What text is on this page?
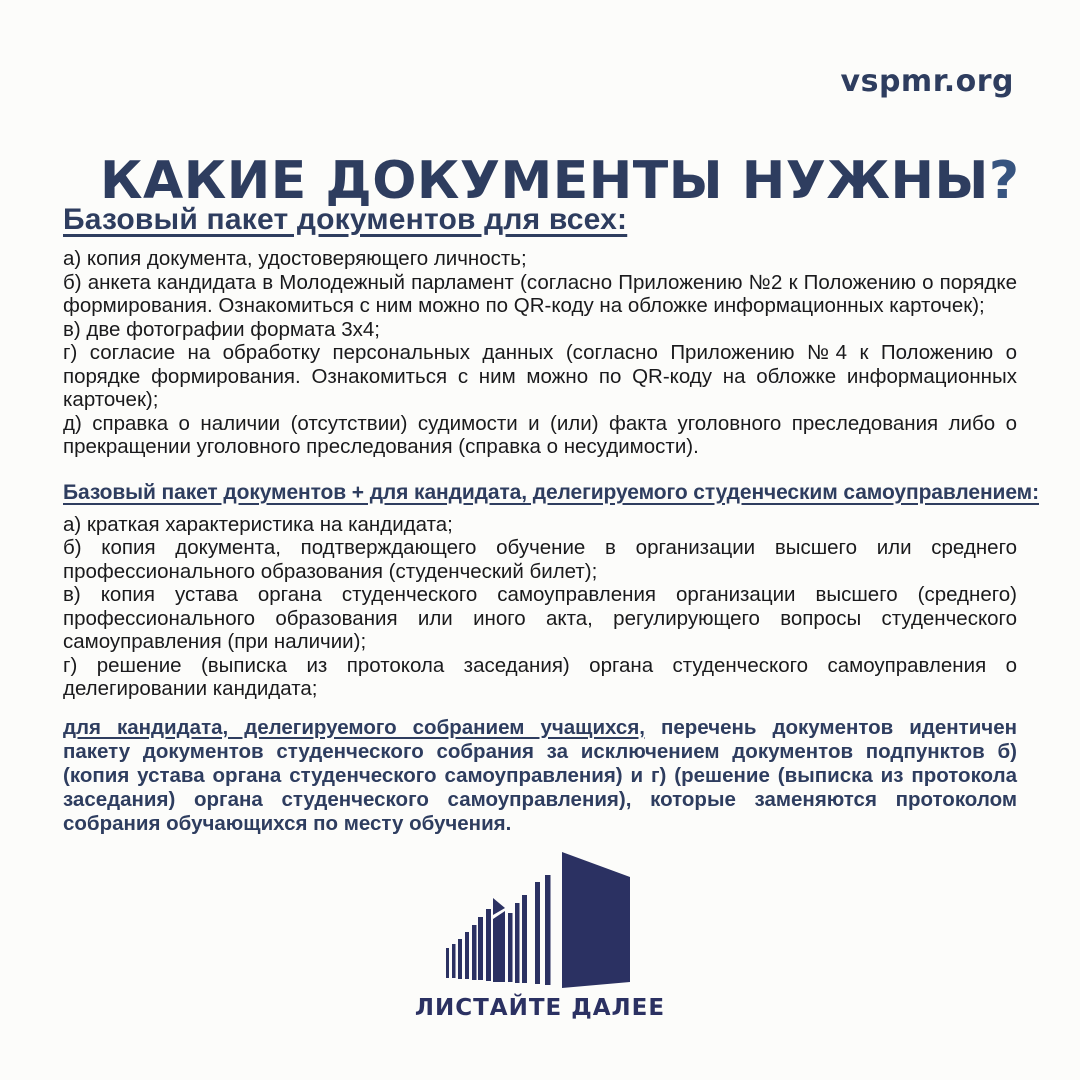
vspmr.org
КАКИЕ ДОКУМЕНТЫ НУЖНЫ?
Базовый пакет документов для всех:

а) копия документа, удостоверяющего личность;

б) анкета кандидата в Молодежный парламент (согласно Приложению №2 к Положению о порядке формирования. Ознакомиться с ним можно по QR-коду на обложке информационных карточек);

в) две фотографии формата 3х4;

г) согласие на обработку персональных данных (согласно Приложению №4 к Положению о порядке формирования. Ознакомиться с ним можно по QR-коду на обложке информационных карточек);

д) справка о наличии (отсутствии) судимости и (или) факта уголовного преследования либо о прекращении уголовного преследования (справка о несудимости).

Базовый пакет документов + для кандидата, делегируемого студенческим самоуправлением:

а) краткая характеристика на кандидата;

б) копия документа, подтверждающего обучение в организации высшего или среднего профессионального образования (студенческий билет);

в) копия устава органа студенческого самоуправления организации высшего (среднего) профессионального образования или иного акта, регулирующего вопросы студенческого самоуправления (при наличии);

г) решение (выписка из протокола заседания) органа студенческого самоуправления о делегировании кандидата;

для кандидата, делегируемого собранием учащихся, перечень документов идентичен пакету документов студенческого собрания за исключением документов подпунктов б) (копия устава органа студенческого самоуправления) и г) (решение (выписка из протокола заседания) органа студенческого самоуправления), которые заменяются протоколом собрания обучающихся по месту обучения.

ЛИСТАЙТЕ ДАЛЕЕ
